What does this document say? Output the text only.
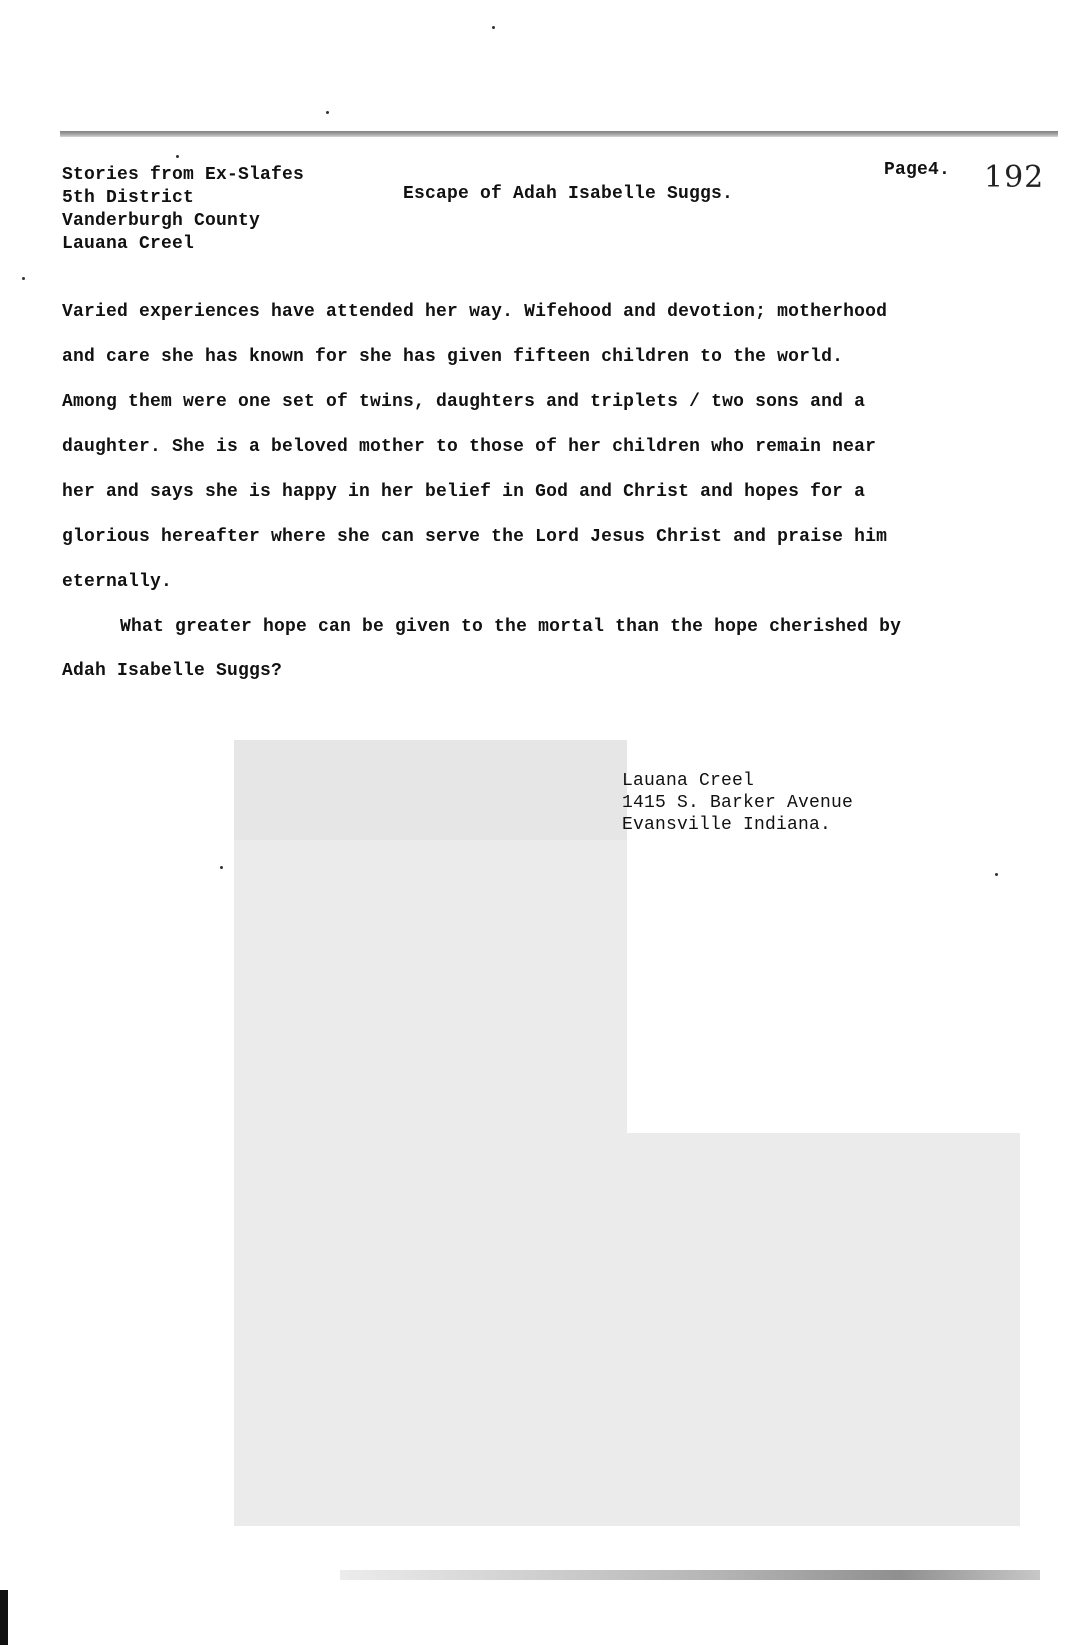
Stories from Ex-Slafes
5th District
Vanderburgh County
Lauana Creel
Escape of Adah Isabelle Suggs.
Page4. 192
Varied experiences have attended her way. Wifehood and devotion; motherhood
and care she has known for she has given fifteen children to the world.
Among them were one set of twins, daughters and triplets / two sons and a
daughter. She is a beloved mother to those of her children who remain near
her and says she is happy in her belief in God and Christ and hopes for a
glorious hereafter where she can serve the Lord Jesus Christ and praise him
eternally.
What greater hope can be given to the mortal than the hope cherished by
Adah Isabelle Suggs?
Lauana Creel
1415 S. Barker Avenue
Evansville Indiana.
